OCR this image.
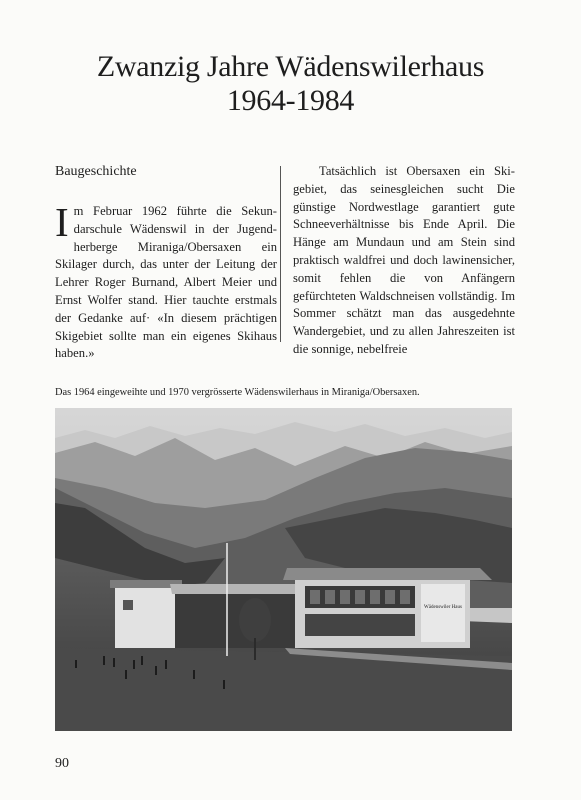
Zwanzig Jahre Wädenswilerhaus
1964-1984

Baugeschichte

Im Februar 1962 führte die Sekundarschule Wädenswil in der Jugendherberge Miraniga/Obersaxen ein Skilager durch, das unter der Leitung der Lehrer Roger Burnand, Albert Meier und Ernst Wolfer stand. Hier tauchte erstmals der Gedanke auf· «In diesem prächtigen Skigebiet sollte man ein eigenes Skihaus haben.»

Tatsächlich ist Obersaxen ein Skigebiet, das seinesgleichen sucht Die günstige Nordwestlage garantiert gute Schneeverhältnisse bis Ende April. Die Hänge am Mundaun und am Stein sind praktisch waldfrei und doch lawinensicher, somit fehlen die von Anfängern gefürchteten Waldschneisen vollständig. Im Sommer schätzt man das ausgedehnte Wandergebiet, und zu allen Jahreszeiten ist die sonnige, nebelfreie

Das 1964 eingeweihte und 1970 vergrösserte Wädenswilerhaus in Miraniga/Obersaxen.
Wädenswiler Haus
90
